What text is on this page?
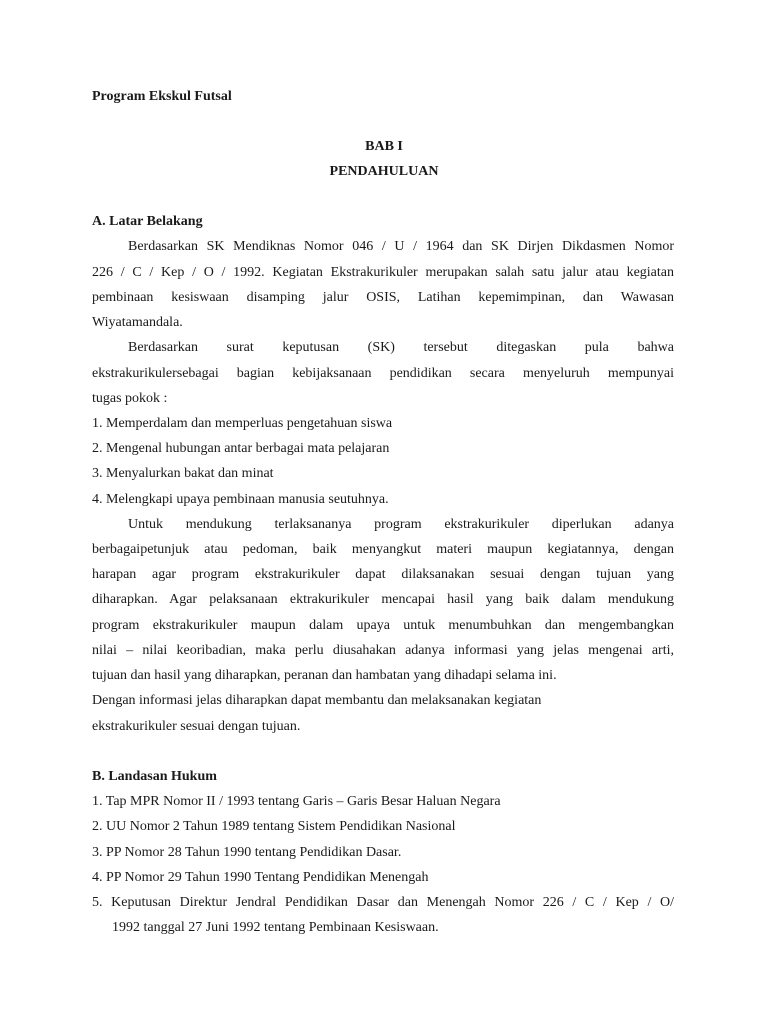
Program Ekskul Futsal
BAB I
PENDAHULUAN
A. Latar Belakang
Berdasarkan SK Mendiknas Nomor 046 / U / 1964 dan SK Dirjen Dikdasmen Nomor
226 / C / Kep / O / 1992. Kegiatan Ekstrakurikuler merupakan salah satu jalur atau kegiatan
pembinaan kesiswaan disamping jalur OSIS, Latihan kepemimpinan, dan Wawasan
Wiyatamandala.
Berdasarkan surat keputusan (SK) tersebut ditegaskan pula bahwa
ekstrakurikulersebagai bagian kebijaksanaan pendidikan secara menyeluruh mempunyai
tugas pokok :
1. Memperdalam dan memperluas pengetahuan siswa
2. Mengenal hubungan antar berbagai mata pelajaran
3. Menyalurkan bakat dan minat
4. Melengkapi upaya pembinaan manusia seutuhnya.
Untuk mendukung terlaksananya program ekstrakurikuler diperlukan adanya
berbagaipetunjuk atau pedoman, baik menyangkut materi maupun kegiatannya, dengan
harapan agar program ekstrakurikuler dapat dilaksanakan sesuai dengan tujuan yang
diharapkan. Agar pelaksanaan ektrakurikuler mencapai hasil yang baik dalam mendukung
program ekstrakurikuler maupun dalam upaya untuk menumbuhkan dan mengembangkan
nilai – nilai keoribadian, maka perlu diusahakan adanya informasi yang jelas mengenai arti,
tujuan dan hasil yang diharapkan, peranan dan hambatan yang dihadapi selama ini.
Dengan informasi jelas diharapkan dapat membantu dan melaksanakan kegiatan
ekstrakurikuler sesuai dengan tujuan.
B. Landasan Hukum
1. Tap MPR Nomor II / 1993 tentang Garis – Garis Besar Haluan Negara
2. UU Nomor 2 Tahun 1989 tentang Sistem Pendidikan Nasional
3. PP Nomor 28 Tahun 1990 tentang Pendidikan Dasar.
4. PP Nomor 29 Tahun 1990 Tentang Pendidikan Menengah
5. Keputusan Direktur Jendral Pendidikan Dasar dan Menengah Nomor 226 / C / Kep / O/
1992 tanggal 27 Juni 1992 tentang Pembinaan Kesiswaan.
